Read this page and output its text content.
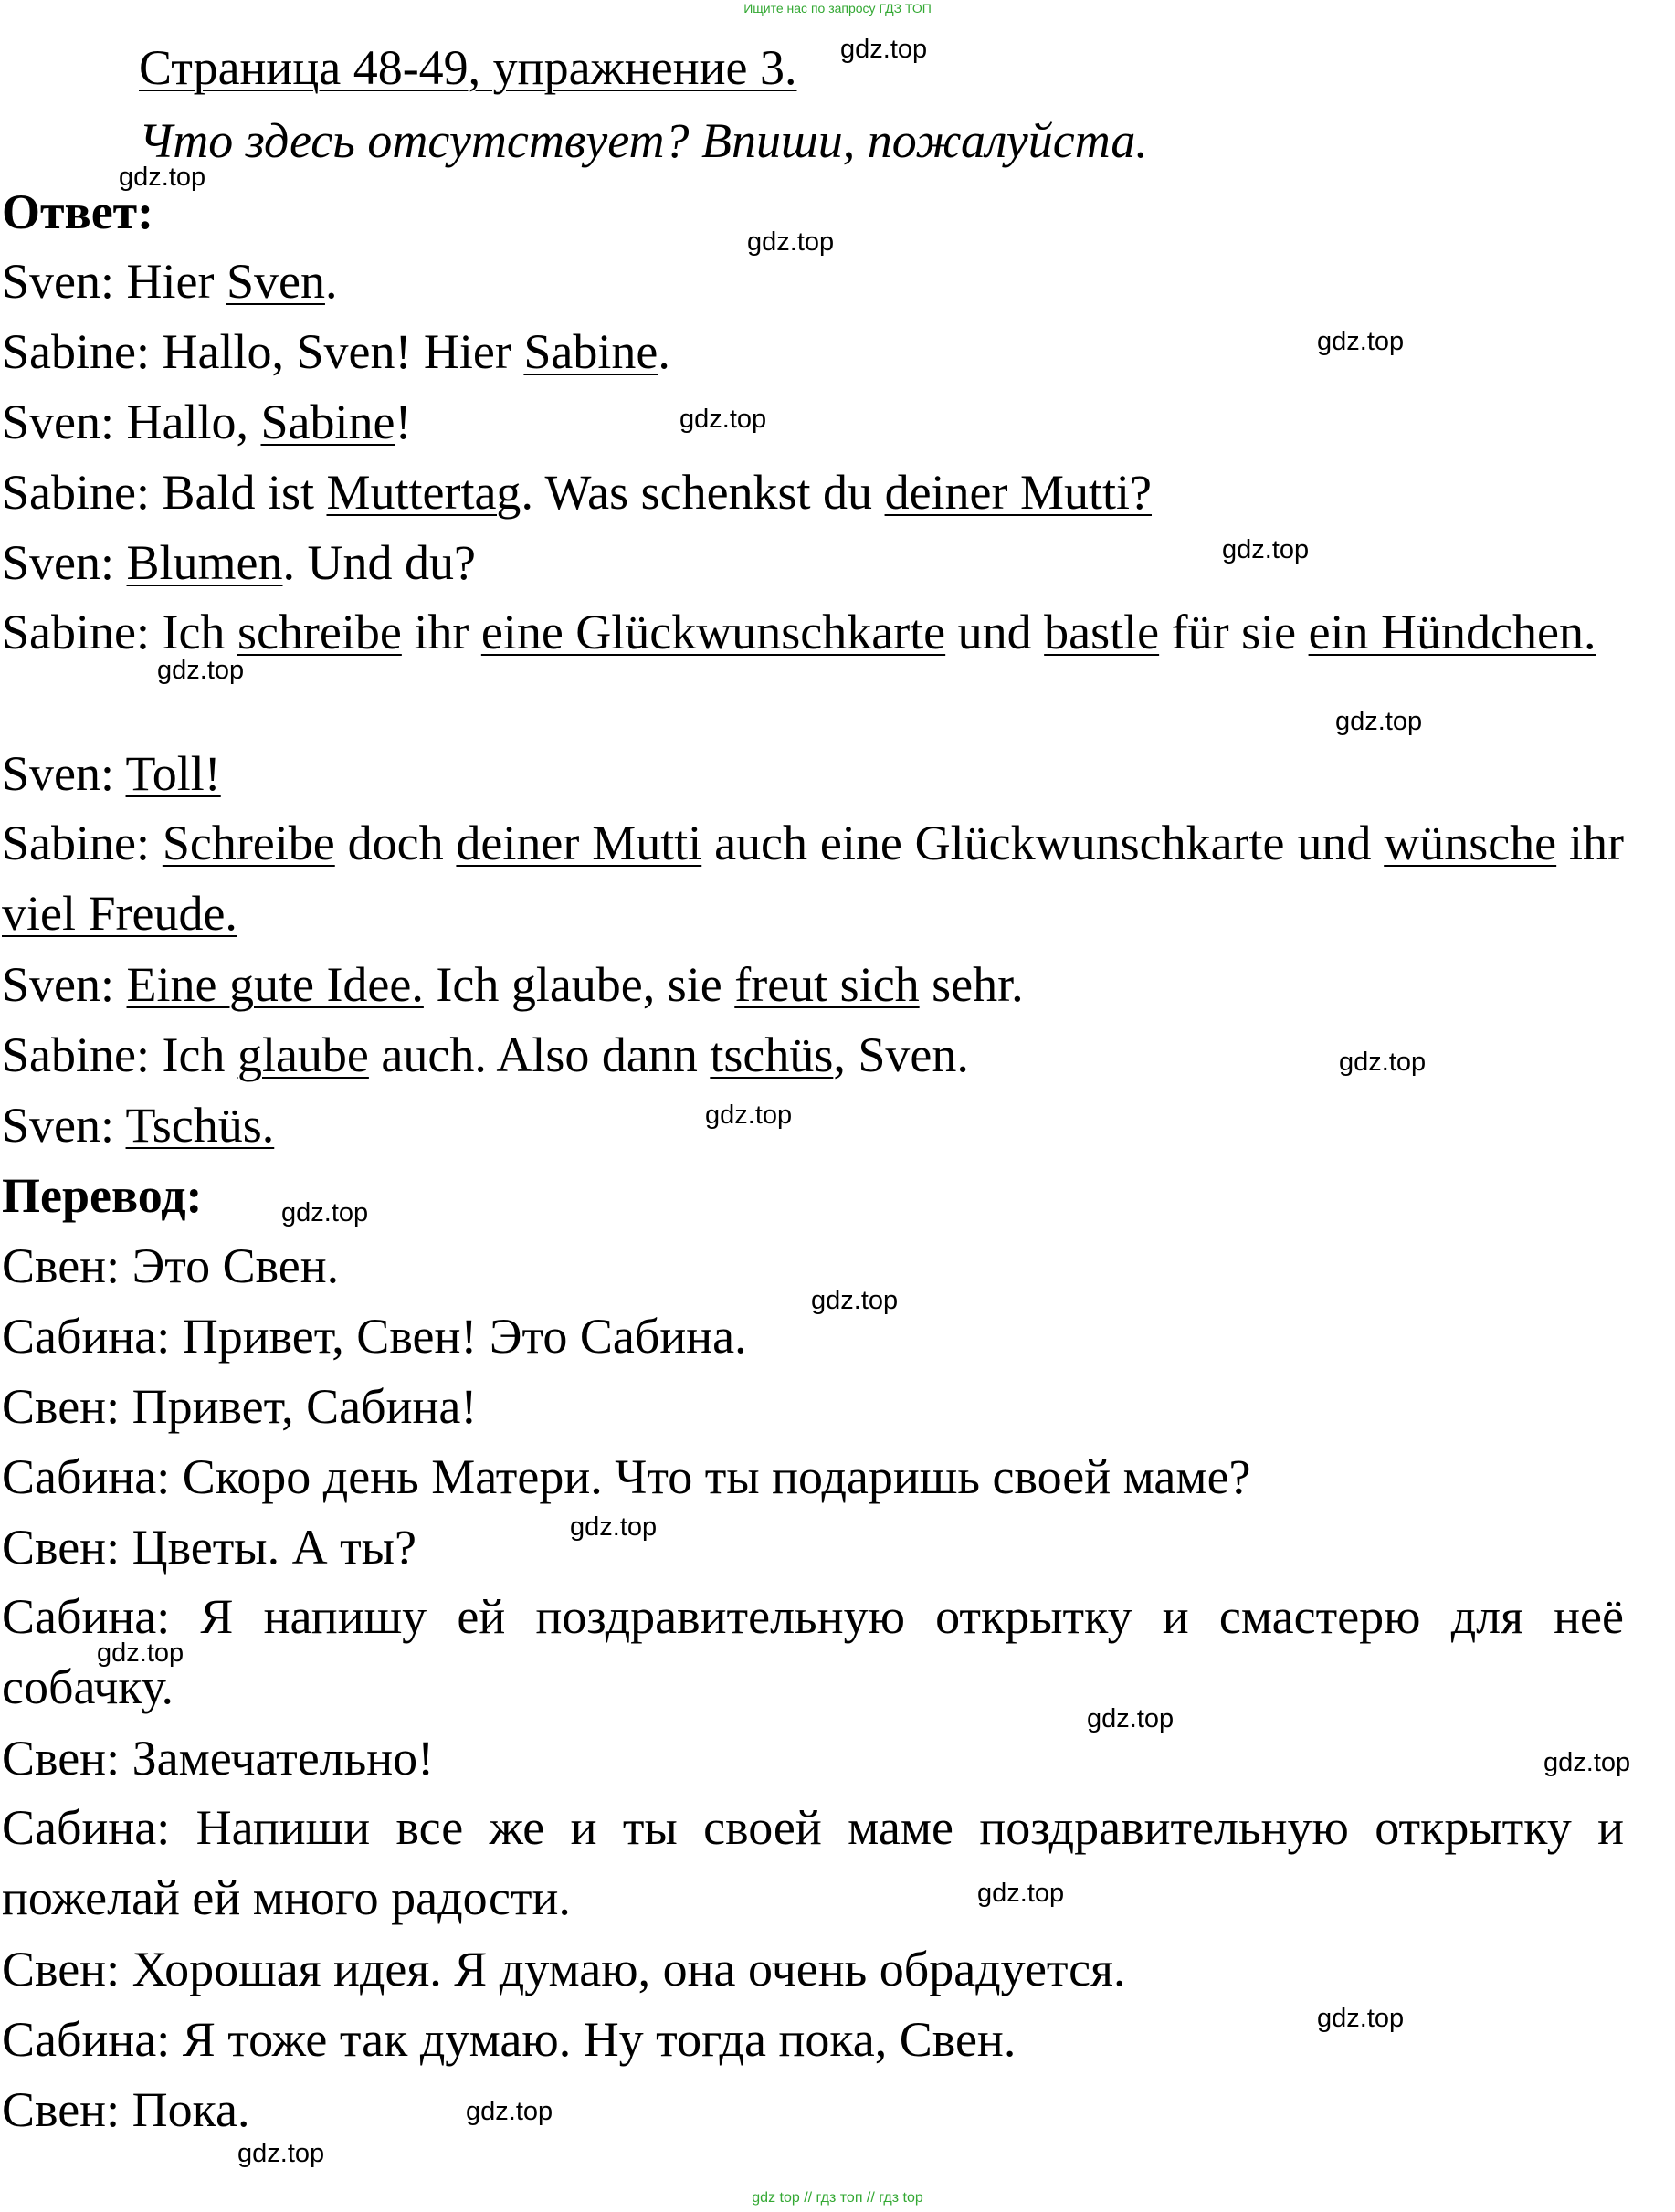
Ищите нас по запросу ГДЗ ТОП
Страница 48-49, упражнение 3.
Что здесь отсутствует? Впиши, пожалуйста.
Ответ:
Sven: Hier Sven.
Sabine: Hallo, Sven! Hier Sabine.
Sven: Hallo, Sabine!
Sabine: Bald ist Muttertag. Was schenkst du deiner Mutti?
Sven: Blumen. Und du?
Sabine: Ich schreibe ihr eine Glückwunschkarte und bastle für sie ein Hündchen.
Sven: Toll!
Sabine: Schreibe doch deiner Mutti auch eine Glückwunschkarte und wünsche ihr viel Freude.
Sven: Eine gute Idee. Ich glaube, sie freut sich sehr.
Sabine: Ich glaube auch. Also dann tschüs, Sven.
Sven: Tschüs.
Перевод:
Свен: Это Свен.
Сабина: Привет, Свен! Это Сабина.
Свен: Привет, Сабина!
Сабина: Скоро день Матери. Что ты подаришь своей маме?
Свен: Цветы. А ты?
Сабина: Я напишу ей поздравительную открытку и смастерю для неё собачку.
Свен: Замечательно!
Сабина: Напиши все же и ты своей маме поздравительную открытку и пожелай ей много радости.
Свен: Хорошая идея. Я думаю, она очень обрадуется.
Сабина: Я тоже так думаю. Ну тогда пока, Свен.
Свен: Пока.
gdz.top
gdz.top
gdz.top
gdz.top
gdz.top
gdz.top
gdz.top
gdz.top
gdz.top
gdz.top
gdz.top
gdz.top
gdz.top
gdz.top
gdz.top
gdz.top
gdz.top
gdz.top
gdz.top
gdz.top
gdz top // гдз топ // гдз top
